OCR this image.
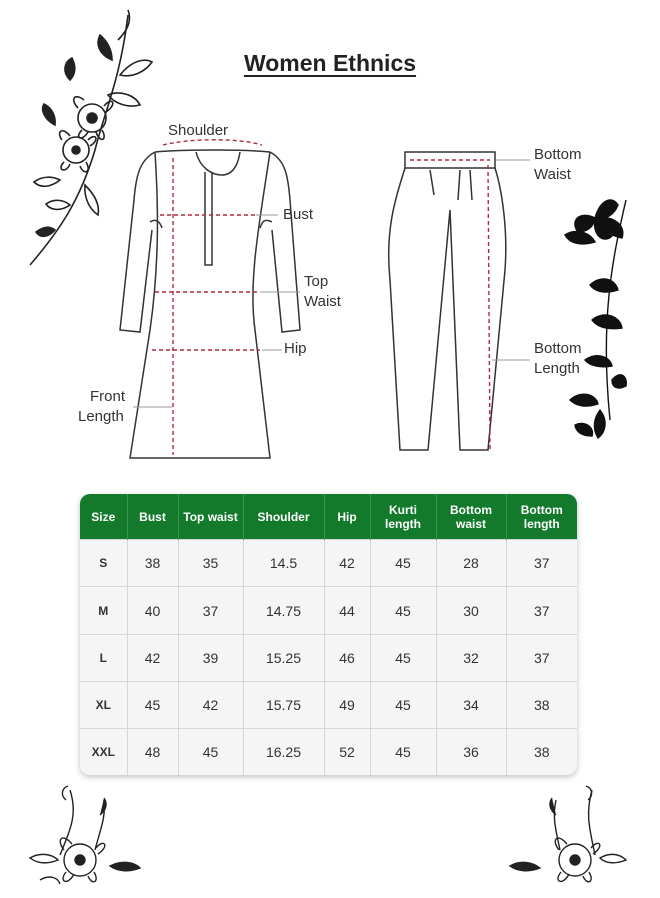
Women Ethnics
Shoulder
Bust
Top
Waist
Hip
Front
Length
Bottom
Waist
Bottom
Length
Size	Bust	Top waist	Shoulder	Hip	Kurti length	Bottom waist	Bottom length
S	38	35	14.5	42	45	28	37
M	40	37	14.75	44	45	30	37
L	42	39	15.25	46	45	32	37
XL	45	42	15.75	49	45	34	38
XXL	48	45	16.25	52	45	36	38
